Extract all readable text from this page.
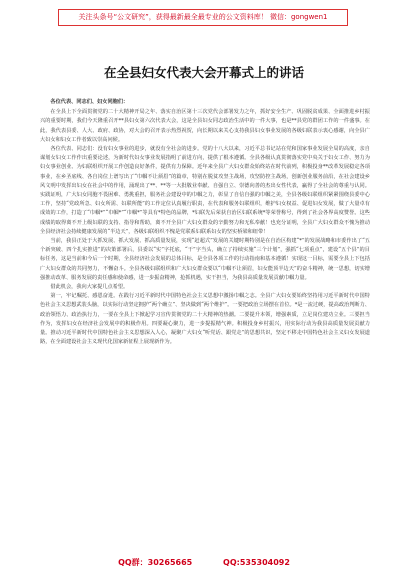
关注头条号“公文研究”，获得最新最全最专业的公文资料库！ 微信：gongwen1
在全县妇女代表大会开幕式上的讲话

各位代表、同志们、妇女同胞们：

在全县上下全面贯彻党的二十大精神开局之年、落实自治区第十三次党代会部署发力之年，抓好安全生产、巩固脱贫成果、全面推进乡村振兴的重要时期，我们今天隆重召开**县妇女第六次代表大会，这是全县妇女同志政治生活中的一件大事，也是**县党的群团工作的一件盛事。在此，我代表县委、人大、政府、政协，对大会的召开表示热烈祝贺，向长期以来关心支持我县妇女事业发展的各级妇联表示衷心感谢，向全县广大妇女和妇女工作者致以崇高问候。

各位代表、同志们：没有妇女事业的进步，就没有全社会的进步。党的十八大以来，习近平总书记站在党和国家事业发展全局的高度，亲自谋划女妇女工作作出重要论述，为新时代妇女事业发展指明了前进方向，提供了根本遵循。全县各级认真贯彻落实党中央关于妇女工作、努力为妇女事业创业、为妇联组织开展工作创造良好条件，提供有力保障。近年来全县广大妇女群众始终站在时代前列，积极投身**改革发展稳定各项事业，在乡圣底线、各自岗位上谱写出了“巾帼不让须眉”的篇章，特别在脱贫攻坚主战场，攻坚防控主战场，创新创业服务前沿，在社会建设乡风文明中发挥出妇女在社会中的作用，涌现出了**、**等一大批敬业奉献、自强自立、崇德向善的杰出女性代表，赢得了全社会的尊重与认同。实践证明，广大妇女同胞不畏困难、勇挑重担，服务社会建设中的巾帼之力，彰显了自信自强的巾帼之美，全县各级妇联组织紧紧围绕县委中心工作，坚持“党政所急、妇女所需、妇联所能”的工作定位认真履行职责，在代表和服务妇联组织，维护妇女权益、促进妇女发展，做了大量卓有成效的工作，打造了“巾帼*”“巾帼*”“巾帼*”等具有*特色的品牌，*妇联先后荣获自治区妇联系统*等荣誉称号，得到了社会各界高度赞誉。这些成绩的取得离不开上级妇联的支持、指导和帮助，离不开全县广大妇女群众的辛勤努力和无私奉献！也充分证明，全县广大妇女群众不愧为推动全县经济社会持续健康发展的“半边天”，各级妇联组织不愧是党联系妇联系妇女的坚实桥梁和纽带！

当前，我县正处于大抓发展、抓大发展、抓高质量发展，实现“赶超式”发展的关键时期特别是在自治区构建“*”的发展战略和市委作出了“五个新突破、四个扎实推进”的决策部署后，县委以“实”字托底，“干”字当头，确立了持续实施“三个计划”，强抓“七项重点”，建设“五个县”的目标任务，这是当前和今后一个时期，全县经济社会发展的总体目标，是全县各项工作的行动指南和基本遵循！实现这一目标，需要全县上下包括广大妇女群众的共同努力，不懈奋斗。全县各级妇联组织和广大妇女群众要以“巾帼不让须眉，妇女能顶半边天”的奋斗精神，统一思想，切实增强推动改革、服务发展的责任感和使命感，进一步振奋精神，抢抓机遇，实干担当，为我县高质量发展贡献巾帼力量。

借此机会，我向大家提几点希望。

第一，牢记嘱托、感恩奋进。在践行习近平新时代中国特色社会主义思想中激扬巾帼之志。全县广大妇女要始终坚持用习近平新时代中国特色社会主义思想武装头脑，以实际行动坚定拥护“两个确立”、坚决做到“两个维护”。一要把政治立场摆在首位。*是一流过硬，提高政治判断力、政治领悟力、政治执行力，一要在全县上下掀起学习宣传贯彻党的二十大精神的热潮。二要提升本领，增强素质，立足岗位建功立业。三要担当作为，发挥妇女在经济社会发展中的积极作用。四要凝心聚力，进一步提振精气神。积极投身乡村振兴，用实际行动为我县高质量发展贡献力量。推动习近平新时代中国特色社会主义思想深入人心，凝聚广大妇女“听党话、跟党走”的思想共识，坚定不移走中国特色社会主义妇女发展道路，在全面建设社会主义现代化国家新征程上展现新作为。

QQ群：30265665	QQ:535304092
